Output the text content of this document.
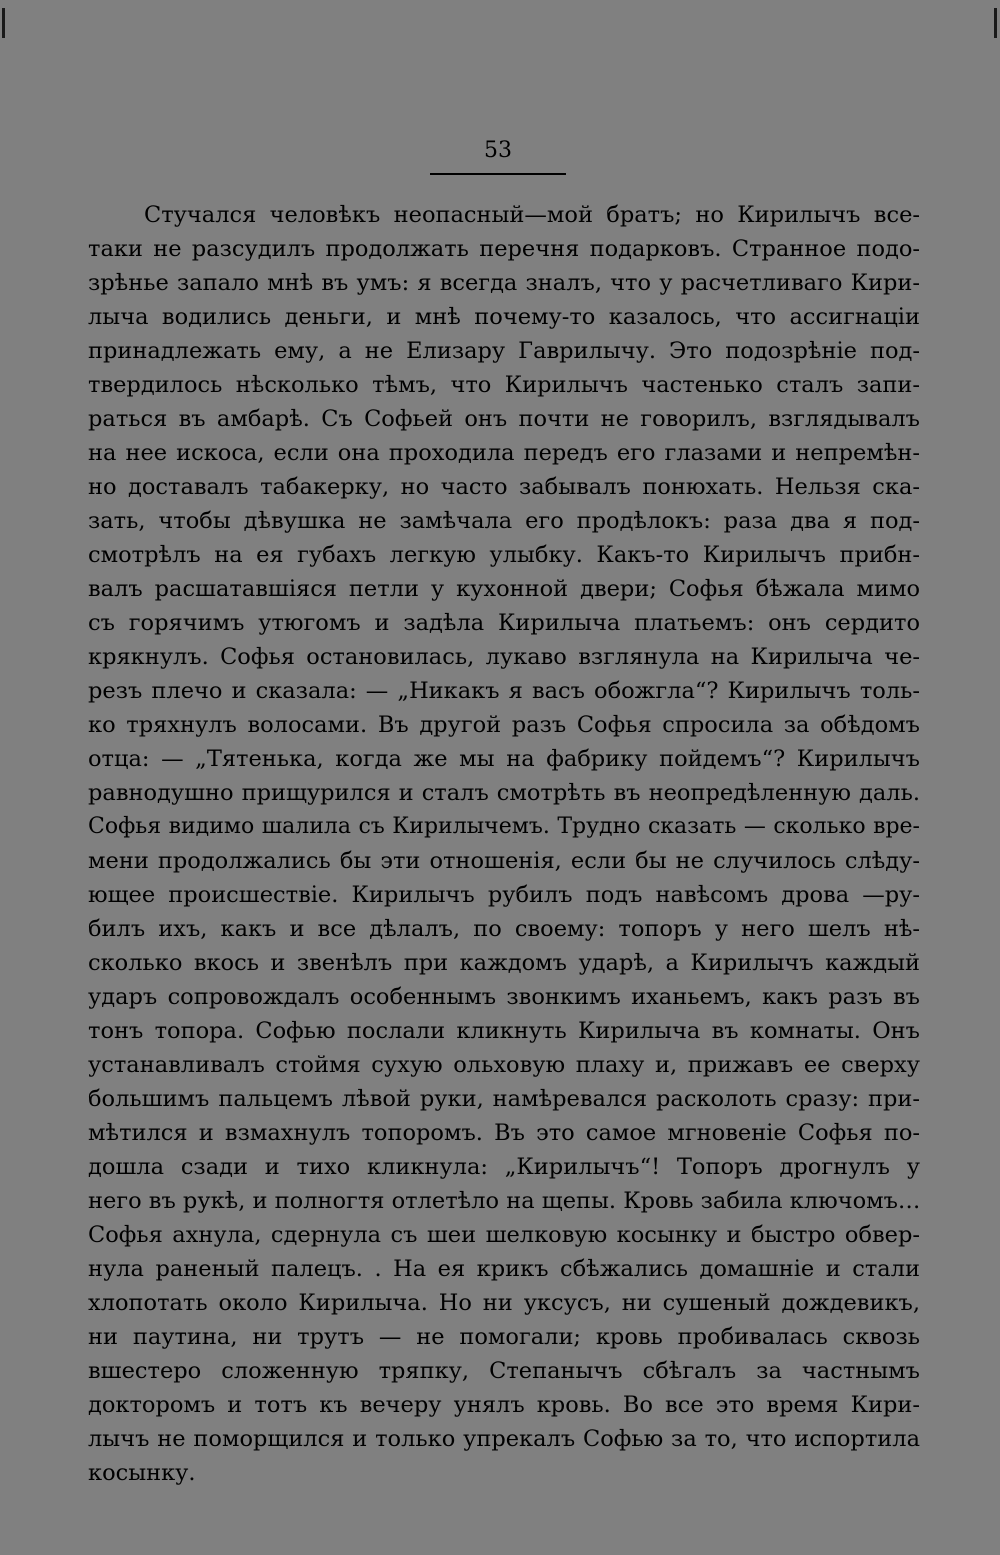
53
Стучался человѣкъ неопасный—мой братъ; но Кирилычъ все-
таки не разсудилъ продолжать перечня подарковъ. Странное подо-
зрѣнье запало мнѣ въ умъ: я всегда зналъ, что у расчетливаго Кири-
лыча водились деньги, и мнѣ почему-то казалось, что ассигнаціи
принадлежать ему, а не Елизару Гаврилычу. Это подозрѣніе под-
твердилось нѣсколько тѣмъ, что Кирилычъ частенько сталъ запи-
раться въ амбарѣ. Съ Софьей онъ почти не говорилъ, взглядывалъ
на нее искоса, если она проходила передъ его глазами и непремѣн-
но доставалъ табакерку, но часто забывалъ понюхать. Нельзя ска-
зать, чтобы дѣвушка не замѣчала его продѣлокъ: раза два я под-
смотрѣлъ на ея губахъ легкую улыбку. Какъ-то Кирилычъ прибн-
валъ расшатавшіяся петли у кухонной двери; Софья бѣжала мимо
съ горячимъ утюгомъ и задѣла Кирилыча платьемъ: онъ сердито
крякнулъ. Софья остановилась, лукаво взглянула на Кирилыча че-
резъ плечо и сказала: — „Никакъ я васъ обожгла“? Кирилычъ толь-
ко тряхнулъ волосами. Въ другой разъ Софья спросила за обѣдомъ
отца: — „Тятенька, когда же мы на фабрику пойдемъ“? Кирилычъ
равнодушно прищурился и сталъ смотрѣть въ неопредѣленную даль.
Софья видимо шалила съ Кирилычемъ. Трудно сказать — сколько вре-
мени продолжались бы эти отношенія, если бы не случилось слѣду-
ющее происшествіе. Кирилычъ рубилъ подъ навѣсомъ дрова —ру-
билъ ихъ, какъ и все дѣлалъ, по своему: топоръ у него шелъ нѣ-
сколько вкось и звенѣлъ при каждомъ ударѣ, а Кирилычъ каждый
ударъ сопровождалъ особеннымъ звонкимъ иханьемъ, какъ разъ въ
тонъ топора. Софью послали кликнуть Кирилыча въ комнаты. Онъ
устанавливалъ стоймя сухую ольховую плаху и, прижавъ ее сверху
большимъ пальцемъ лѣвой руки, намѣревался расколоть сразу: при-
мѣтился и взмахнулъ топоромъ. Въ это самое мгновеніе Софья по-
дошла сзади и тихо кликнула: „Кирилычъ“! Топоръ дрогнулъ у
него въ рукѣ, и полногтя отлетѣло на щепы. Кровь забила ключомъ…
Софья ахнула, сдернула съ шеи шелковую косынку и быстро обвер-
нула раненый палецъ. . На ея крикъ сбѣжались домашніе и стали
хлопотать около Кирилыча. Но ни уксусъ, ни сушеный дождевикъ,
ни паутина, ни трутъ — не помогали; кровь пробивалась сквозь
вшестеро сложенную тряпку, Степанычъ сбѣгалъ за частнымъ
докторомъ и тотъ къ вечеру унялъ кровь. Во все это время Кири-
лычъ не поморщился и только упрекалъ Софью за то, что испортила
косынку.
